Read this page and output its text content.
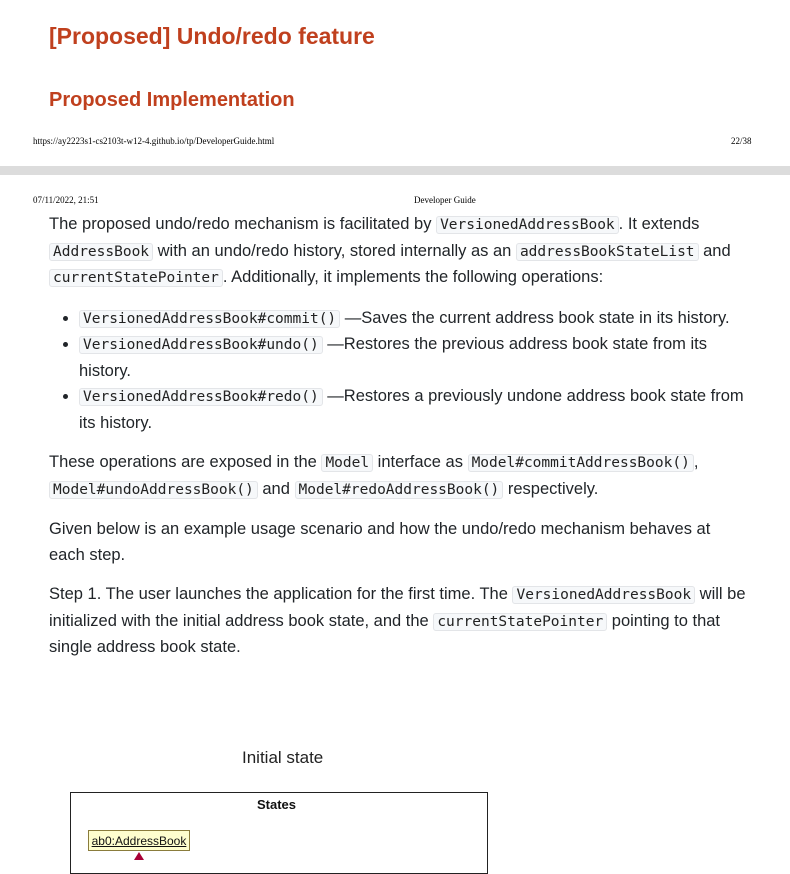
[Proposed] Undo/redo feature
Proposed Implementation
https://ay2223s1-cs2103t-w12-4.github.io/tp/DeveloperGuide.html	22/38
07/11/2022, 21:51	Developer Guide

The proposed undo/redo mechanism is facilitated by VersionedAddressBook . It extends AddressBook with an undo/redo history, stored internally as an addressBookStateList and currentStatePointer . Additionally, it implements the following operations:

• VersionedAddressBook#commit() —Saves the current address book state in its history.
• VersionedAddressBook#undo() —Restores the previous address book state from its history.
• VersionedAddressBook#redo() —Restores a previously undone address book state from its history.

These operations are exposed in the Model interface as Model#commitAddressBook() , Model#undoAddressBook() and Model#redoAddressBook() respectively.

Given below is an example usage scenario and how the undo/redo mechanism behaves at each step.

Step 1. The user launches the application for the first time. The VersionedAddressBook will be initialized with the initial address book state, and the currentStatePointer pointing to that single address book state.

Initial state
States
ab0:AddressBook
